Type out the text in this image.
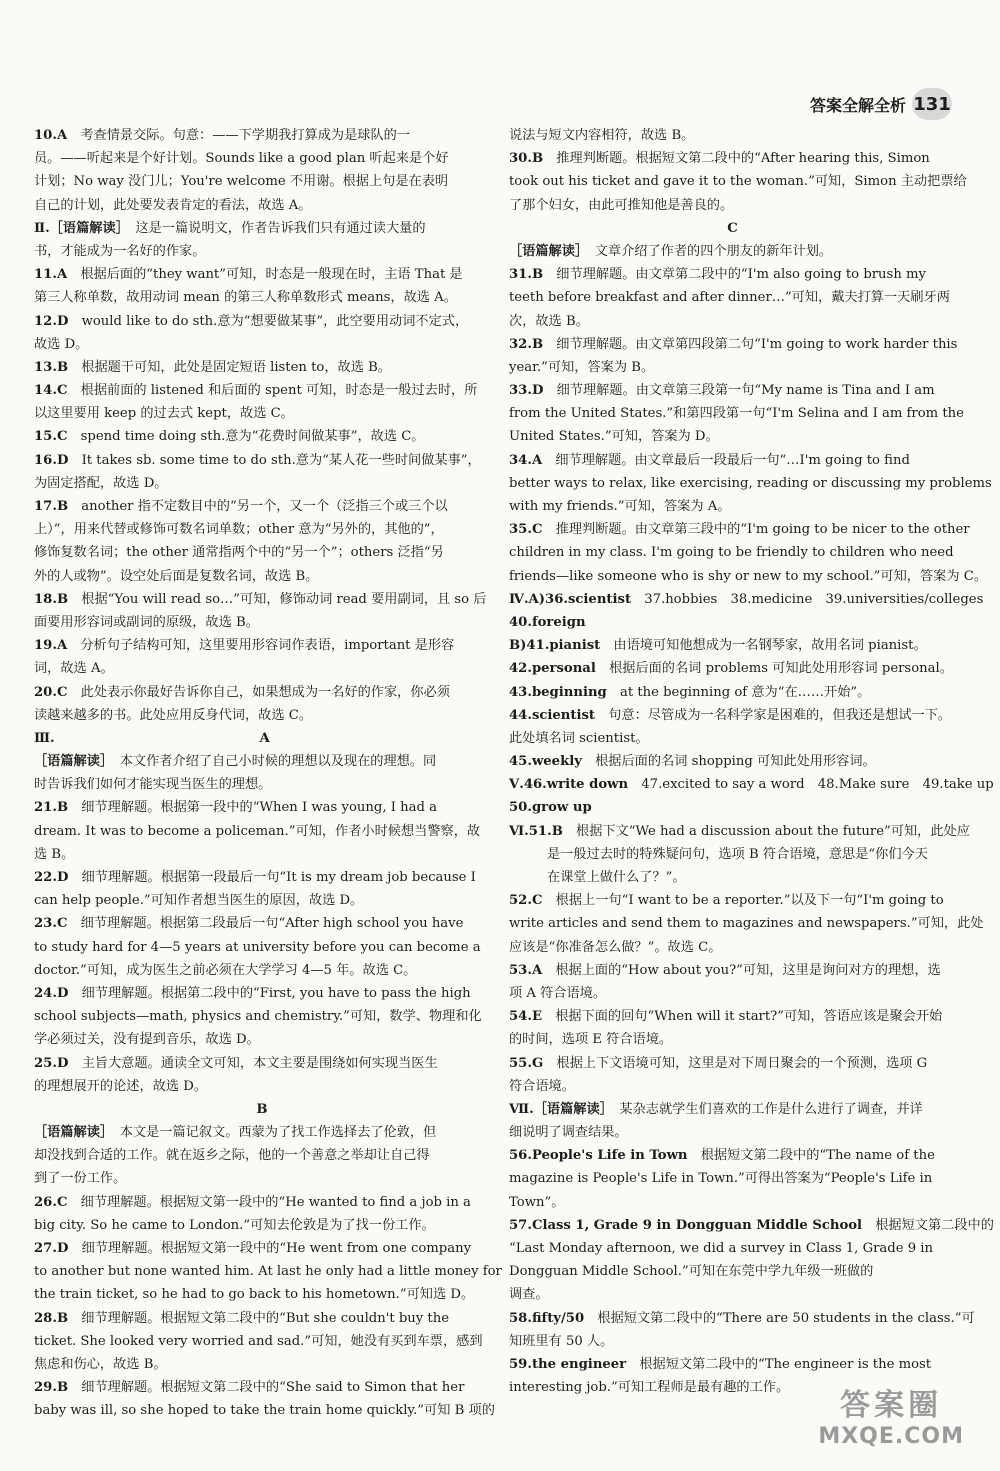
答案全解全析 131
10.A　 考查情景交际。句意：——下学期我打算成为是球队的一
员。——听起来是个好计划。Sounds like a good plan 听起来是个好
计划；No way 没门儿；You're welcome 不用谢。根据上句是在表明
自己的计划，此处要发表肯定的看法，故选 A。
Ⅱ.［语篇解读］　 这是一篇说明文，作者告诉我们只有通过读大量的
书，才能成为一名好的作家。
11.A　 根据后面的“they want”可知，时态是一般现在时，主语 That 是
第三人称单数，故用动词 mean 的第三人称单数形式 means，故选 A。
12.D　 would like to do sth.意为“想要做某事”，此空要用动词不定式，
故选 D。
13.B　 根据题干可知，此处是固定短语 listen to，故选 B。
14.C　 根据前面的 listened 和后面的 spent 可知，时态是一般过去时，所
以这里要用 keep 的过去式 kept，故选 C。
15.C　 spend time doing sth.意为“花费时间做某事”，故选 C。
16.D　 It takes sb. some time to do sth.意为“某人花一些时间做某事”，
为固定搭配，故选 D。
17.B　 another 指不定数目中的“另一个，又一个（泛指三个或三个以
上）”，用来代替或修饰可数名词单数；other 意为“另外的，其他的”，
修饰复数名词；the other 通常指两个中的“另一个”；others 泛指“另
外的人或物”。设空处后面是复数名词，故选 B。
18.B　 根据“You will read so…”可知，修饰动词 read 要用副词，且 so 后
面要用形容词或副词的原级，故选 B。
19.A　 分析句子结构可知，这里要用形容词作表语，important 是形容
词，故选 A。
20.C　 此处表示你最好告诉你自己，如果想成为一名好的作家，你必须
读越来越多的书。此处应用反身代词，故选 C。
Ⅲ.	A
［语篇解读］　 本文作者介绍了自己小时候的理想以及现在的理想。同
时告诉我们如何才能实现当医生的理想。
21.B　 细节理解题。根据第一段中的“When I was young, I had a
dream. It was to become a policeman.”可知，作者小时候想当警察，故
选 B。
22.D　 细节理解题。根据第一段最后一句“It is my dream job because I
can help people.”可知作者想当医生的原因，故选 D。
23.C　 细节理解题。根据第二段最后一句“After high school you have
to study hard for 4—5 years at university before you can become a
doctor.”可知，成为医生之前必须在大学学习 4—5 年。故选 C。
24.D　 细节理解题。根据第二段中的“First, you have to pass the high
school subjects—math, physics and chemistry.”可知，数学、物理和化
学必须过关，没有提到音乐，故选 D。
25.D　 主旨大意题。通读全文可知，本文主要是围绕如何实现当医生
的理想展开的论述，故选 D。
B
［语篇解读］　 本文是一篇记叙文。西蒙为了找工作选择去了伦敦，但
却没找到合适的工作。就在返乡之际，他的一个善意之举却让自己得
到了一份工作。
26.C　 细节理解题。根据短文第一段中的“He wanted to find a job in a
big city. So he came to London.”可知去伦敦是为了找一份工作。
27.D　 细节理解题。根据短文第一段中的“He went from one company
to another but none wanted him. At last he only had a little money for
the train ticket, so he had to go back to his hometown.”可知选 D。
28.B　 细节理解题。根据短文第二段中的“But she couldn't buy the
ticket. She looked very worried and sad.”可知，她没有买到车票，感到
焦虑和伤心，故选 B。
29.B　 细节理解题。根据短文第二段中的“She said to Simon that her
baby was ill, so she hoped to take the train home quickly.”可知 B 项的
说法与短文内容相符，故选 B。
30.B　 推理判断题。根据短文第二段中的“After hearing this, Simon
took out his ticket and gave it to the woman.”可知，Simon 主动把票给
了那个妇女，由此可推知他是善良的。
C
［语篇解读］　 文章介绍了作者的四个朋友的新年计划。
31.B　 细节理解题。由文章第二段中的“I'm also going to brush my
teeth before breakfast and after dinner…”可知，戴夫打算一天刷牙两
次，故选 B。
32.B　 细节理解题。由文章第四段第二句“I'm going to work harder this
year.”可知，答案为 B。
33.D　 细节理解题。由文章第三段第一句“My name is Tina and I am
from the United States.”和第四段第一句“I'm Selina and I am from the
United States.”可知，答案为 D。
34.A　 细节理解题。由文章最后一段最后一句“…I'm going to find
better ways to relax, like exercising, reading or discussing my problems
with my friends.”可知，答案为 A。
35.C　 推理判断题。由文章第三段中的“I'm going to be nicer to the other
children in my class. I'm going to be friendly to children who need
friends—like someone who is shy or new to my school.”可知，答案为 C。
Ⅳ.A)36.scientist　 37.hobbies　38.medicine　39.universities/colleges
40.foreign　
B)41.pianist　 由语境可知他想成为一名钢琴家，故用名词 pianist。
42.personal　 根据后面的名词 problems 可知此处用形容词 personal。
43.beginning　 at the beginning of 意为“在……开始”。
44.scientist　 句意：尽管成为一名科学家是困难的，但我还是想试一下。
此处填名词 scientist。
45.weekly　 根据后面的名词 shopping 可知此处用形容词。
Ⅴ.46.write down　 47.excited to say a word　48.Make sure　49.take up
50.grow up　
Ⅵ.51.B　 根据下文“We had a discussion about the future”可知，此处应
是一般过去时的特殊疑问句，选项 B 符合语境，意思是“你们今天
在课堂上做什么了？”。
52.C　 根据上一句“I want to be a reporter.”以及下一句“I'm going to
write articles and send them to magazines and newspapers.”可知，此处
应该是“你准备怎么做？”。故选 C。
53.A　 根据上面的“How about you?”可知，这里是询问对方的理想，选
项 A 符合语境。
54.E　 根据下面的回句“When will it start?”可知，答语应该是聚会开始
的时间，选项 E 符合语境。
55.G　 根据上下文语境可知，这里是对下周日聚会的一个预测，选项 G
符合语境。
Ⅶ.［语篇解读］　 某杂志就学生们喜欢的工作是什么进行了调查，并详
细说明了调查结果。
56.People's Life in Town　 根据短文第二段中的“The name of the
magazine is People's Life in Town.”可得出答案为“People's Life in
Town”。
57.Class 1, Grade 9 in Dongguan Middle School　 根据短文第二段中的
“Last Monday afternoon, we did a survey in Class 1, Grade 9 in
Dongguan Middle School.”可知在东莞中学九年级一班做的
调查。
58.fifty/50　 根据短文第二段中的“There are 50 students in the class.”可
知班里有 50 人。
59.the engineer　 根据短文第二段中的“The engineer is the most
interesting job.”可知工程师是最有趣的工作。
答案圈
MXQE.COM
